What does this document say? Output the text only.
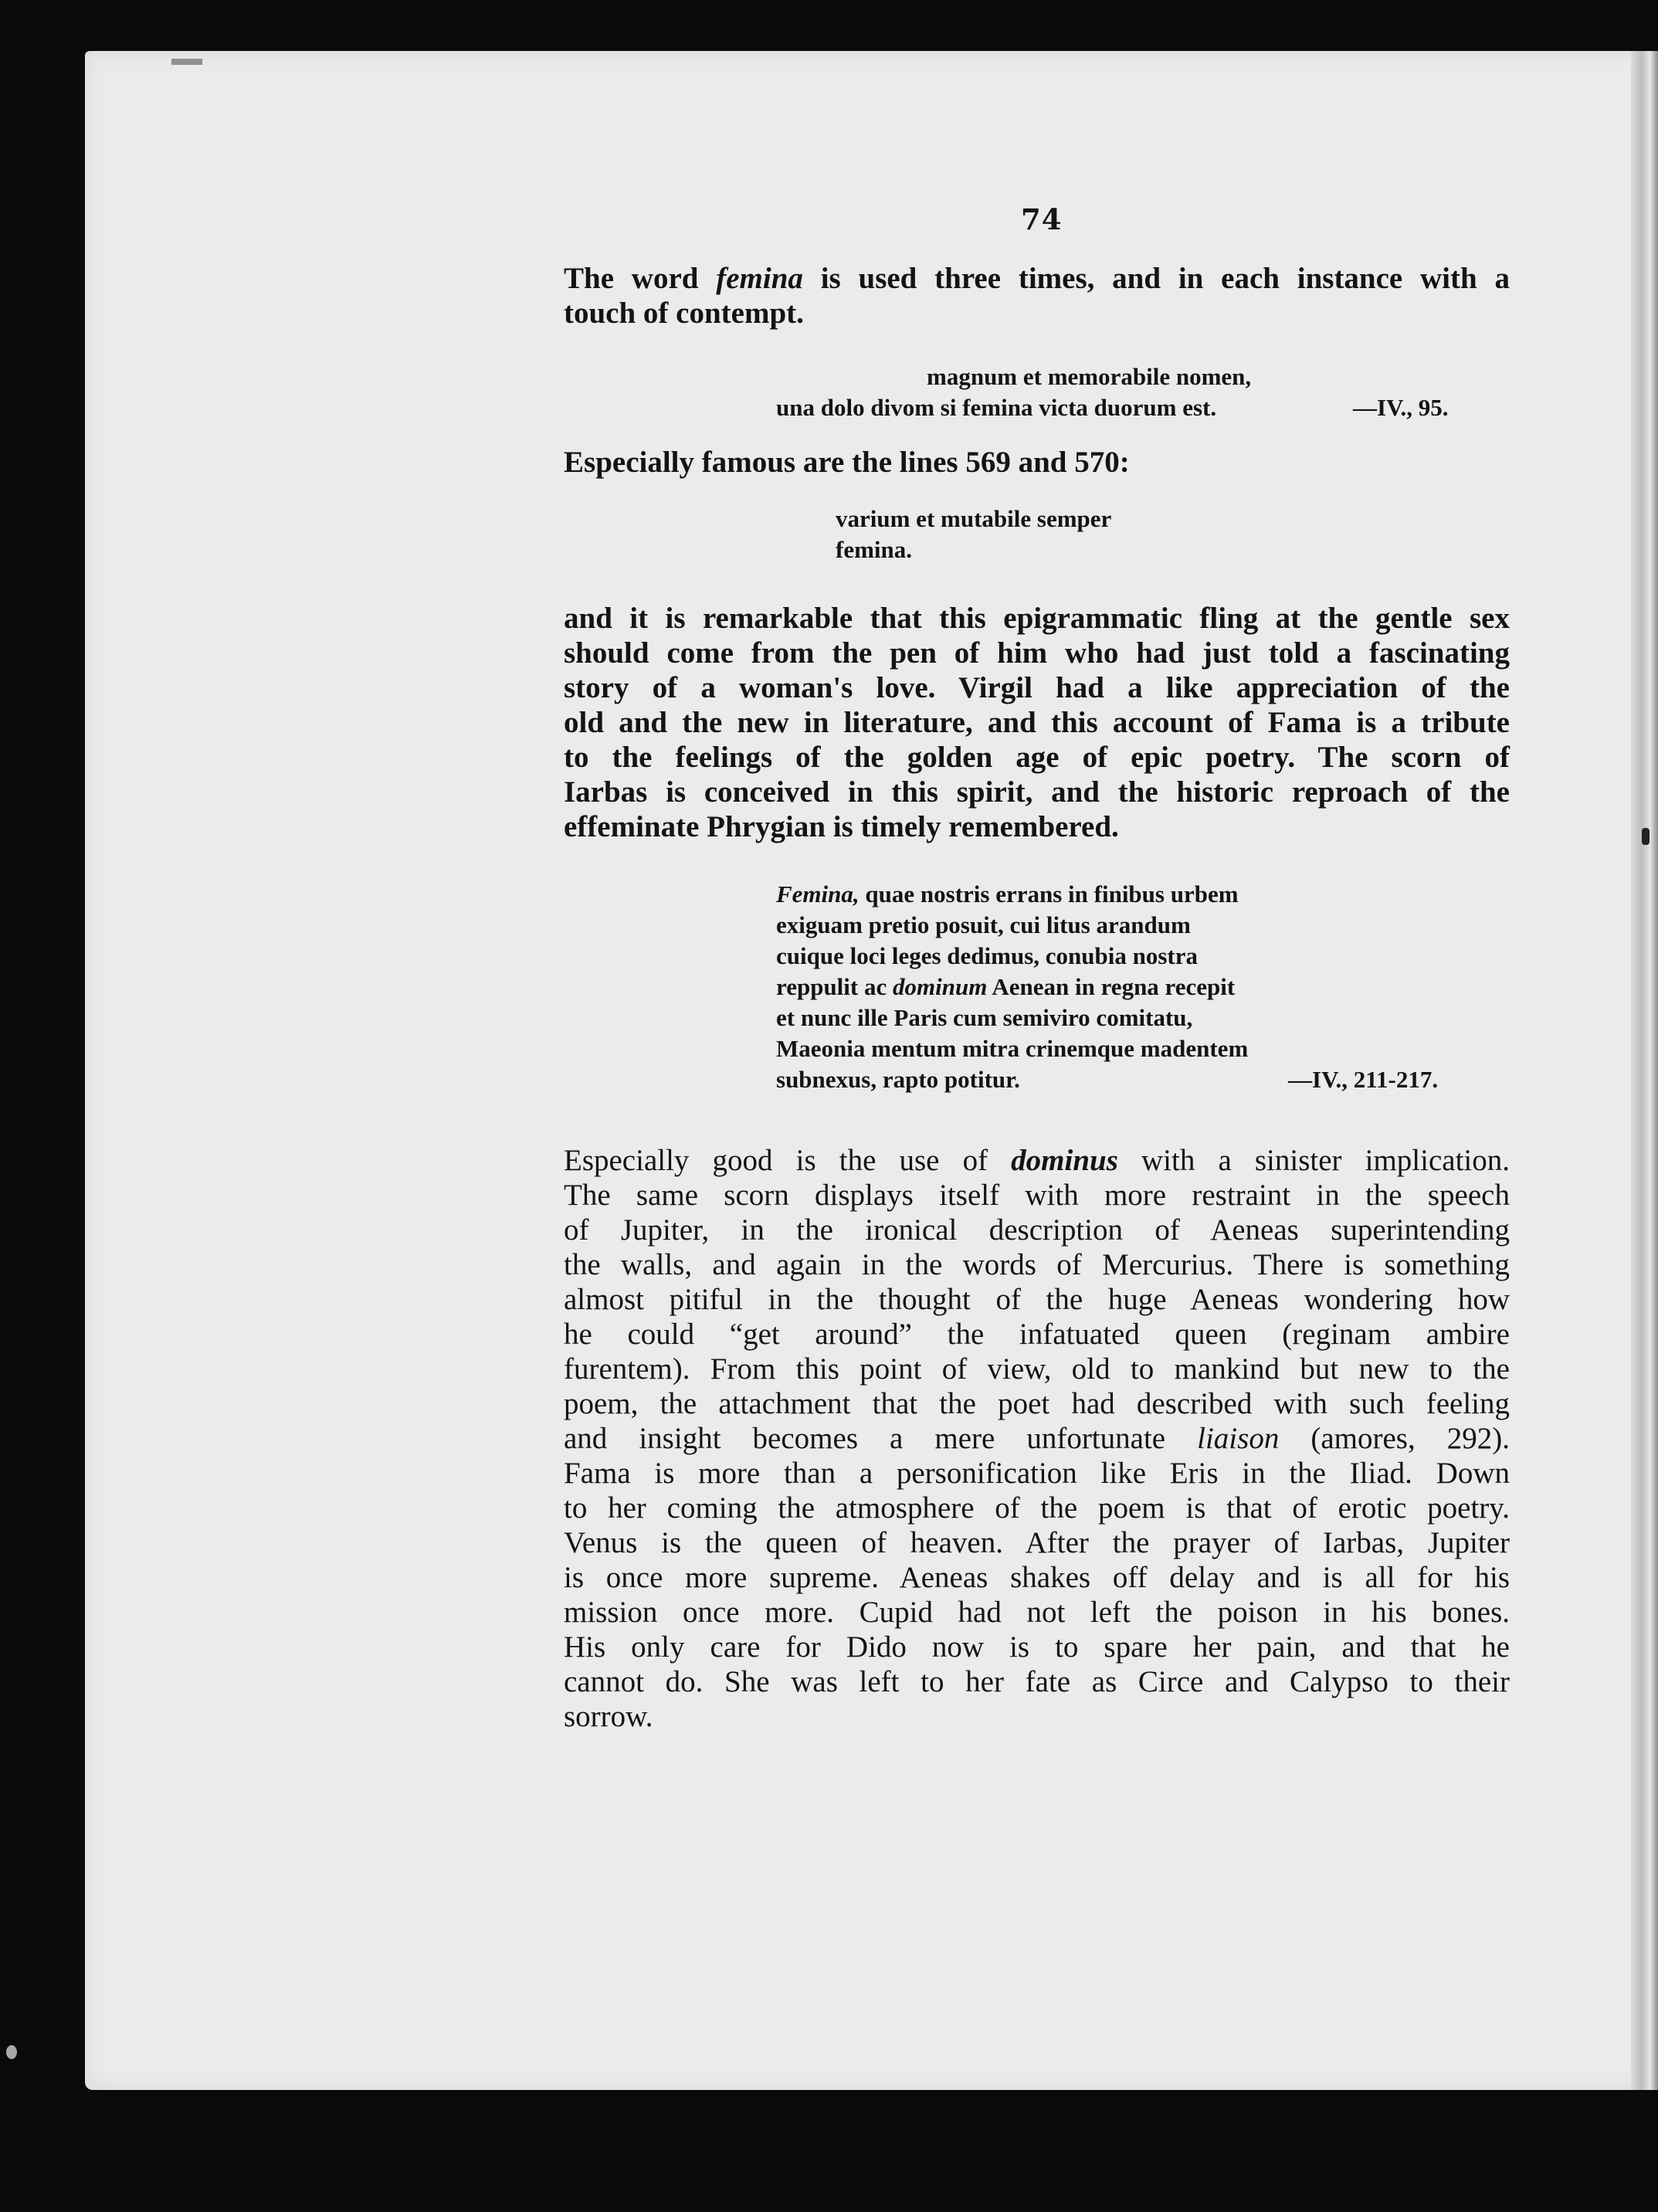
74
The word femina is used three times, and in each instance with a
touch of contempt.
magnum et memorabile nomen,
una dolo divom si femina victa duorum est.	—IV., 95.
Especially famous are the lines 569 and 570:
varium et mutabile semper
femina.
and it is remarkable that this epigrammatic fling at the gentle sex
should come from the pen of him who had just told a fascinating
story of a woman's love. Virgil had a like appreciation of the
old and the new in literature, and this account of Fama is a tribute
to the feelings of the golden age of epic poetry. The scorn of
Iarbas is conceived in this spirit, and the historic reproach of the
effeminate Phrygian is timely remembered.
Femina, quae nostris errans in finibus urbem
exiguam pretio posuit, cui litus arandum
cuique loci leges dedimus, conubia nostra
reppulit ac dominum Aenean in regna recepit
et nunc ille Paris cum semiviro comitatu,
Maeonia mentum mitra crinemque madentem
subnexus, rapto potitur.	—IV., 211-217.
Especially good is the use of dominus with a sinister implication.
The same scorn displays itself with more restraint in the speech
of Jupiter, in the ironical description of Aeneas superintending
the walls, and again in the words of Mercurius. There is something
almost pitiful in the thought of the huge Aeneas wondering how
he could “get around” the infatuated queen (reginam ambire
furentem). From this point of view, old to mankind but new to the
poem, the attachment that the poet had described with such feeling
and insight becomes a mere unfortunate liaison (amores, 292).
Fama is more than a personification like Eris in the Iliad. Down
to her coming the atmosphere of the poem is that of erotic poetry.
Venus is the queen of heaven. After the prayer of Iarbas, Jupiter
is once more supreme. Aeneas shakes off delay and is all for his
mission once more. Cupid had not left the poison in his bones.
His only care for Dido now is to spare her pain, and that he
cannot do. She was left to her fate as Circe and Calypso to their
sorrow.
